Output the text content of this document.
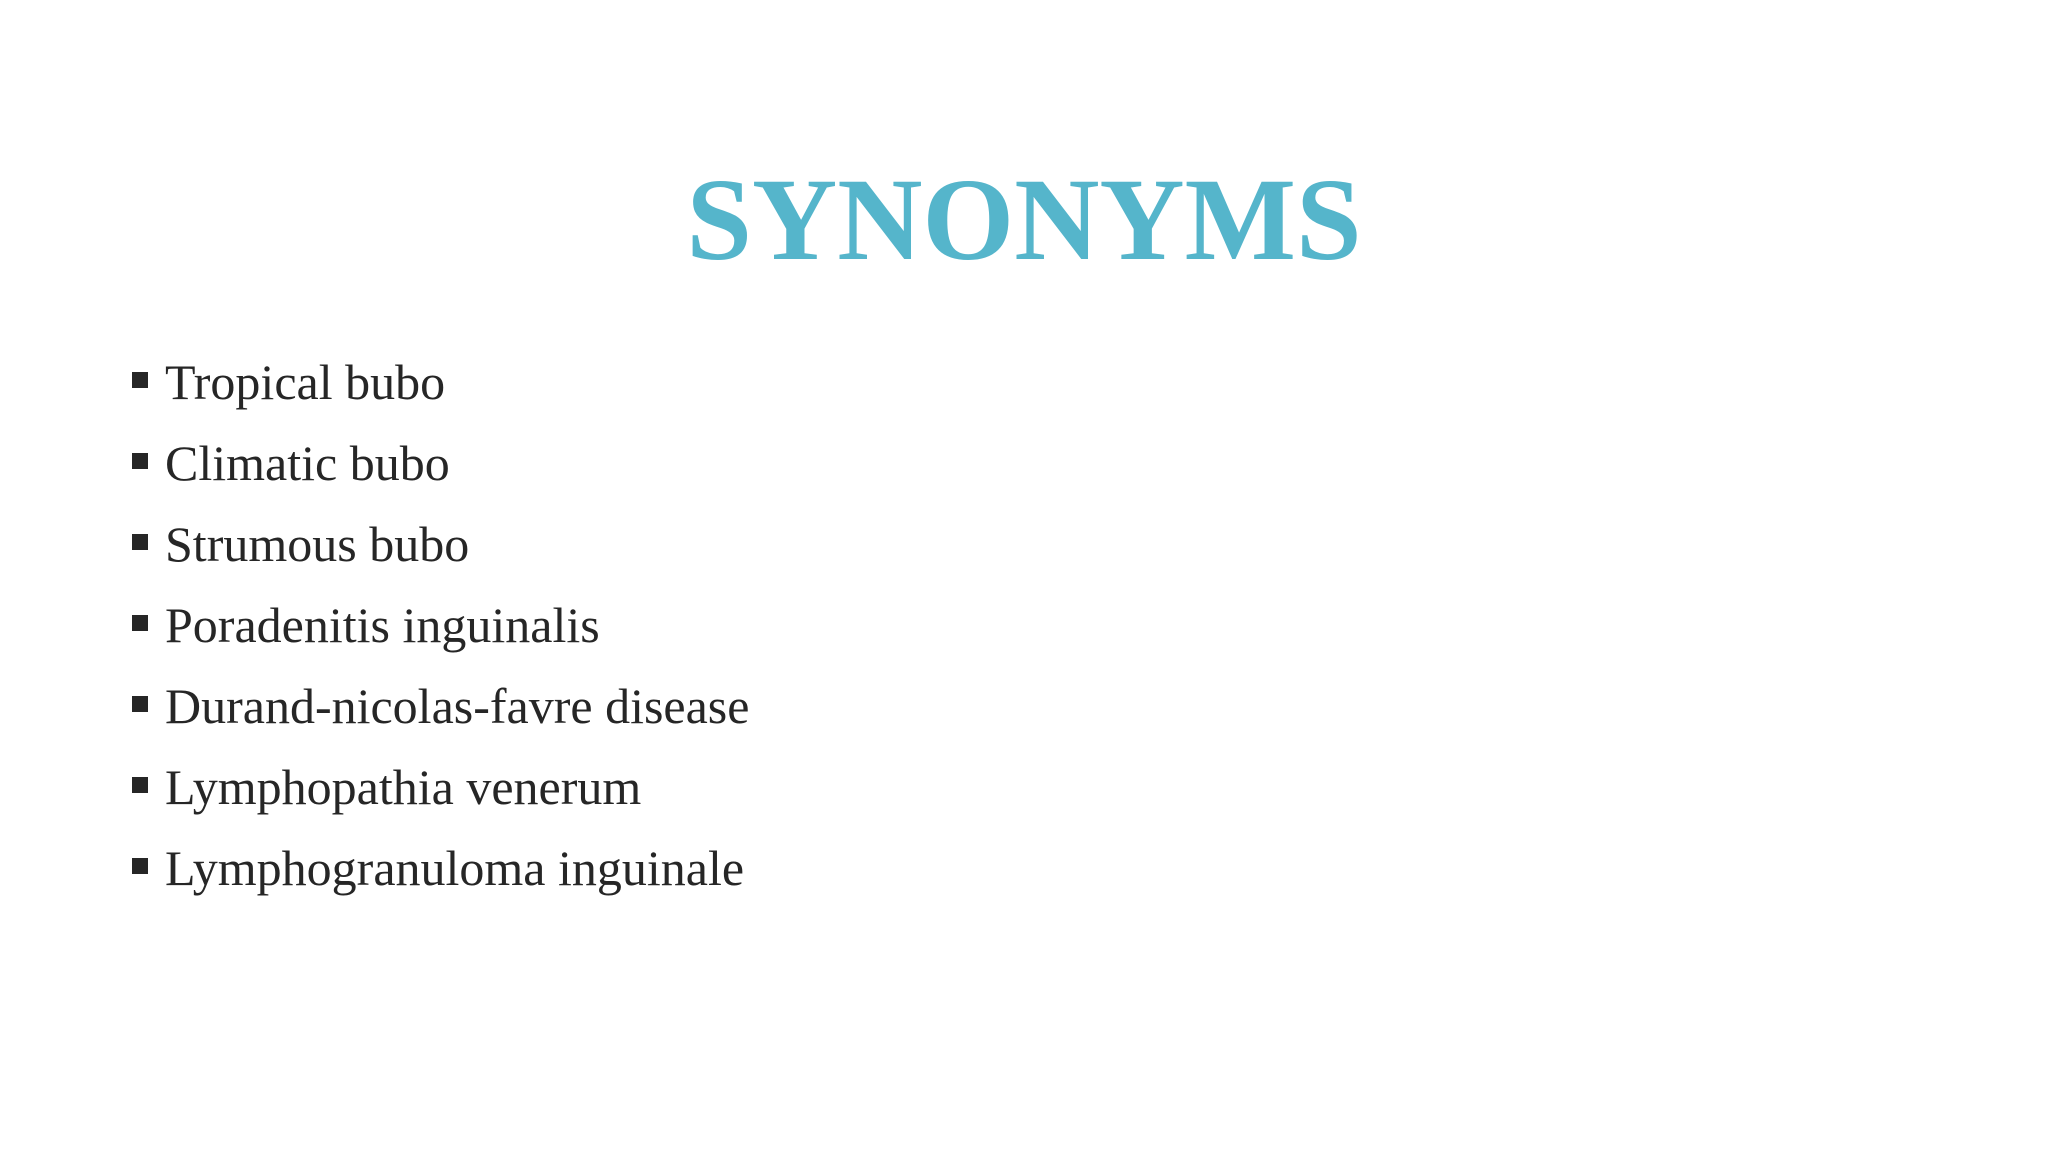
SYNONYMS
Tropical bubo
Climatic bubo
Strumous bubo
Poradenitis inguinalis
Durand-nicolas-favre disease
Lymphopathia venerum
Lymphogranuloma inguinale
